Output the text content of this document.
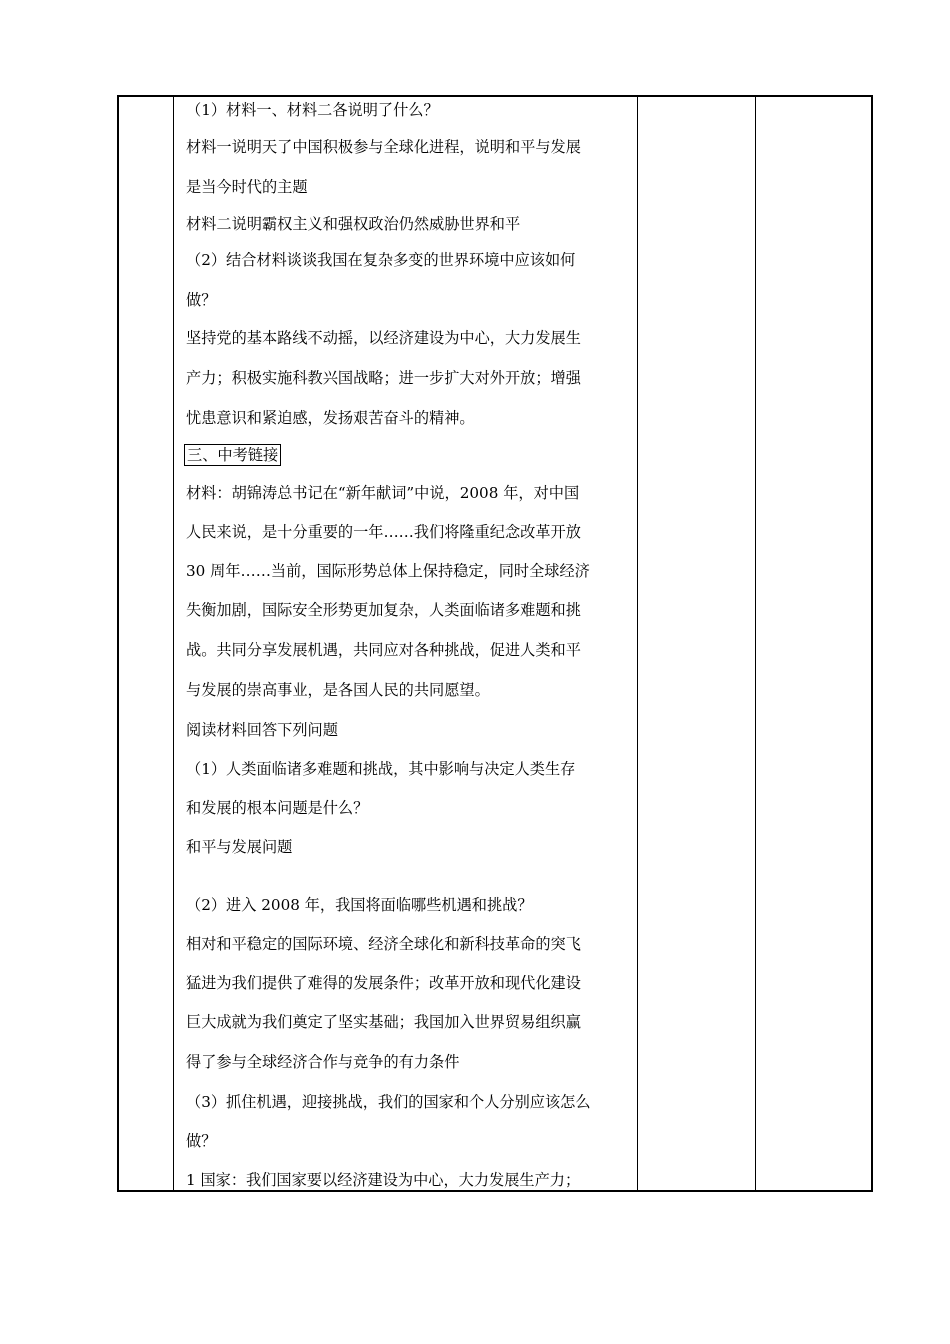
（1）材料一、材料二各说明了什么？
材料一说明天了中国积极参与全球化进程，说明和平与发展
是当今时代的主题
材料二说明霸权主义和强权政治仍然威胁世界和平
（2）结合材料谈谈我国在复杂多变的世界环境中应该如何
做？
坚持党的基本路线不动摇，以经济建设为中心，大力发展生
产力；积极实施科教兴国战略；进一步扩大对外开放；增强
忧患意识和紧迫感，发扬艰苦奋斗的精神。
三、中考链接
材料：胡锦涛总书记在“新年献词”中说，2008 年，对中国
人民来说，是十分重要的一年……我们将隆重纪念改革开放
30 周年……当前，国际形势总体上保持稳定，同时全球经济
失衡加剧，国际安全形势更加复杂，人类面临诸多难题和挑
战。共同分享发展机遇，共同应对各种挑战，促进人类和平
与发展的崇高事业，是各国人民的共同愿望。
阅读材料回答下列问题
（1）人类面临诸多难题和挑战，其中影响与决定人类生存
和发展的根本问题是什么？
和平与发展问题
（2）进入 2008 年，我国将面临哪些机遇和挑战？
相对和平稳定的国际环境、经济全球化和新科技革命的突飞
猛进为我们提供了难得的发展条件；改革开放和现代化建设
巨大成就为我们奠定了坚实基础；我国加入世界贸易组织赢
得了参与全球经济合作与竞争的有力条件
（3）抓住机遇，迎接挑战，我们的国家和个人分别应该怎么
做？
1 国家：我们国家要以经济建设为中心，大力发展生产力；
